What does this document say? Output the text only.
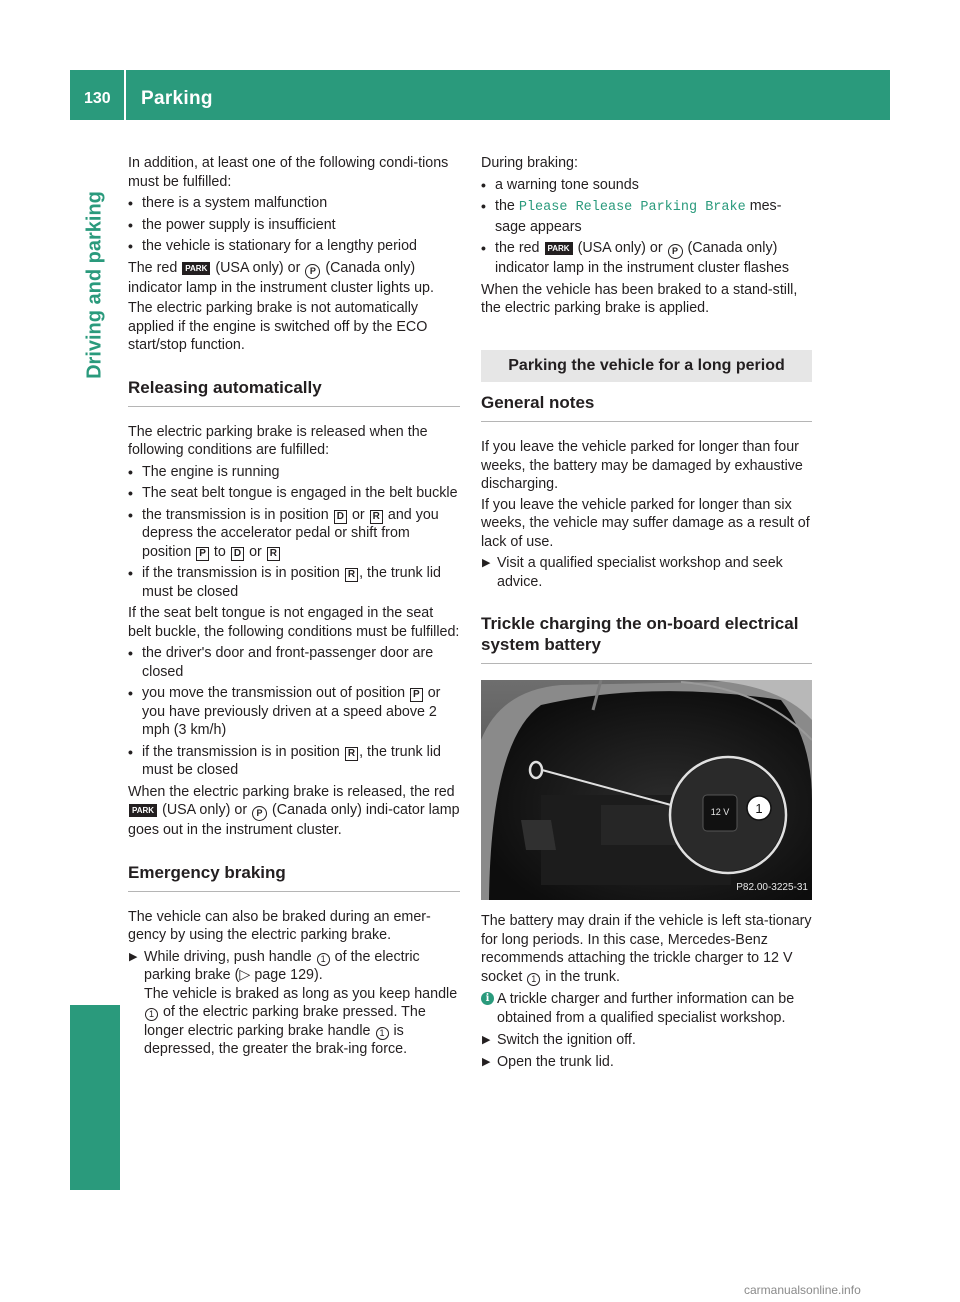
130 Parking
Driving and parking

In addition, at least one of the following condi-tions must be fulfilled:

• there is a system malfunction
• the power supply is insufficient
• the vehicle is stationary for a lengthy period

The red PARK (USA only) or P (Canada only) indicator lamp in the instrument cluster lights up.

The electric parking brake is not automatically applied if the engine is switched off by the ECO start/stop function.

Releasing automatically

The electric parking brake is released when the following conditions are fulfilled:

• The engine is running
• The seat belt tongue is engaged in the belt buckle
• the transmission is in position D or R and you depress the accelerator pedal or shift from position P to D or R
• if the transmission is in position R , the trunk lid must be closed

If the seat belt tongue is not engaged in the seat belt buckle, the following conditions must be fulfilled:

• the driver's door and front-passenger door are closed
• you move the transmission out of position P or you have previously driven at a speed above 2 mph (3 km/h)
• if the transmission is in position R , the trunk lid must be closed

When the electric parking brake is released, the red PARK (USA only) or P (Canada only) indi-cator lamp goes out in the instrument cluster.

Emergency braking

The vehicle can also be braked during an emer-gency by using the electric parking brake.

▶ While driving, push handle 1 of the electric parking brake (▷ page 129).
The vehicle is braked as long as you keep handle 1 of the electric parking brake pressed. The longer electric parking brake handle 1 is depressed, the greater the brak-ing force.

During braking:

• a warning tone sounds
• the Please Release Parking Brake mes-sage appears
• the red PARK (USA only) or P (Canada only) indicator lamp in the instrument cluster flashes

When the vehicle has been braked to a stand-still, the electric parking brake is applied.

Parking the vehicle for a long period
General notes

If you leave the vehicle parked for longer than four weeks, the battery may be damaged by exhaustive discharging.

If you leave the vehicle parked for longer than six weeks, the vehicle may suffer damage as a result of lack of use.

▶ Visit a qualified specialist workshop and seek advice.
Trickle charging the on-board electrical system battery
12 V 1
P82.00-3225-31

The battery may drain if the vehicle is left sta-tionary for long periods. In this case, Mercedes-Benz recommends attaching the trickle charger to 12 V socket 1 in the trunk.

i A trickle charger and further information can be obtained from a qualified specialist workshop.
▶ Switch the ignition off.
▶ Open the trunk lid.
carmanualsonline.info
